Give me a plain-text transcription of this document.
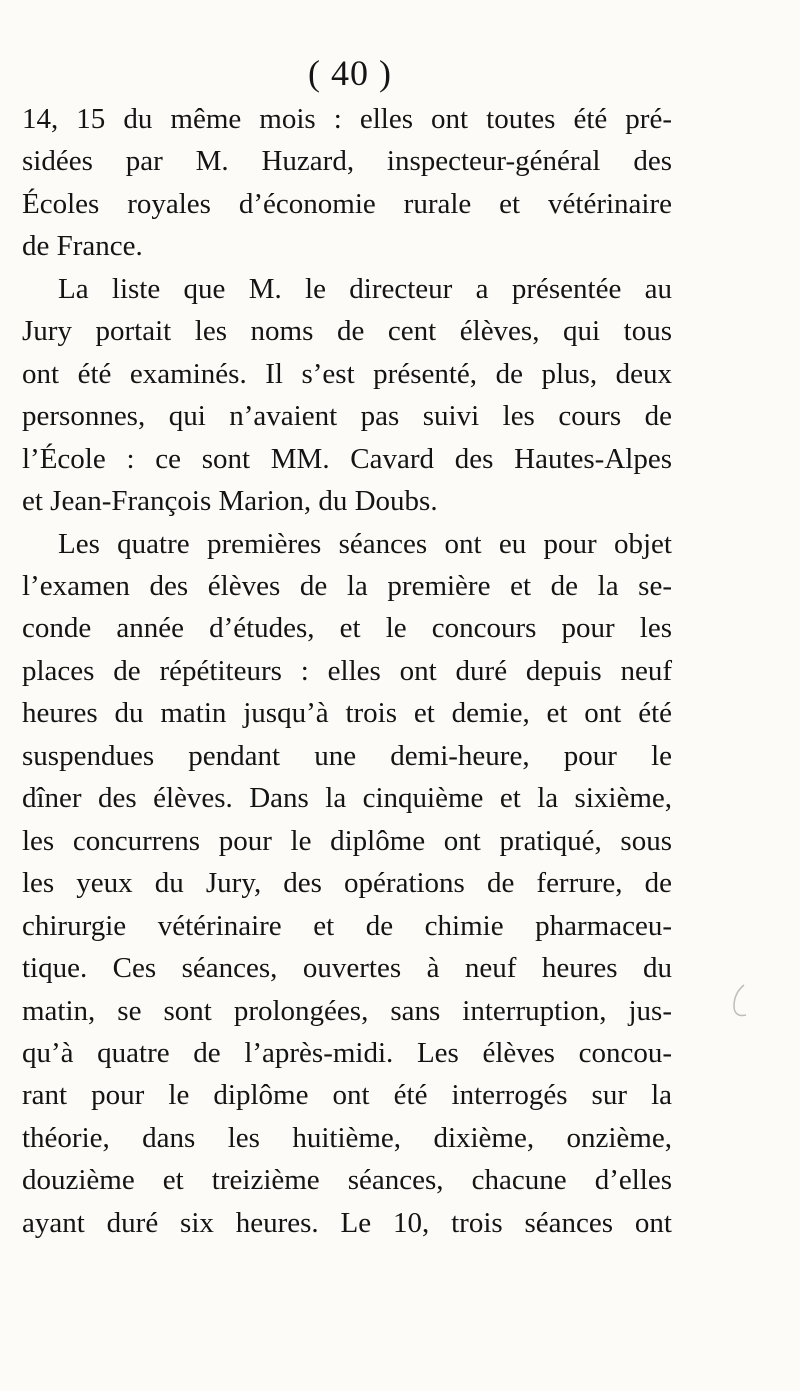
( 40 )
14, 15 du même mois : elles ont toutes été pré-
sidées par M. Huzard, inspecteur-général des
Écoles royales d’économie rurale et vétérinaire
de France.
La liste que M. le directeur a présentée au
Jury portait les noms de cent élèves, qui tous
ont été examinés. Il s’est présenté, de plus, deux
personnes, qui n’avaient pas suivi les cours de
l’École : ce sont MM. Cavard des Hautes-Alpes
et Jean-François Marion, du Doubs.
Les quatre premières séances ont eu pour objet
l’examen des élèves de la première et de la se-
conde année d’études, et le concours pour les
places de répétiteurs : elles ont duré depuis neuf
heures du matin jusqu’à trois et demie, et ont été
suspendues pendant une demi-heure, pour le
dîner des élèves. Dans la cinquième et la sixième,
les concurrens pour le diplôme ont pratiqué, sous
les yeux du Jury, des opérations de ferrure, de
chirurgie vétérinaire et de chimie pharmaceu-
tique. Ces séances, ouvertes à neuf heures du
matin, se sont prolongées, sans interruption, jus-
qu’à quatre de l’après-midi. Les élèves concou-
rant pour le diplôme ont été interrogés sur la
théorie, dans les huitième, dixième, onzième,
douzième et treizième séances, chacune d’elles
ayant duré six heures. Le 10, trois séances ont
